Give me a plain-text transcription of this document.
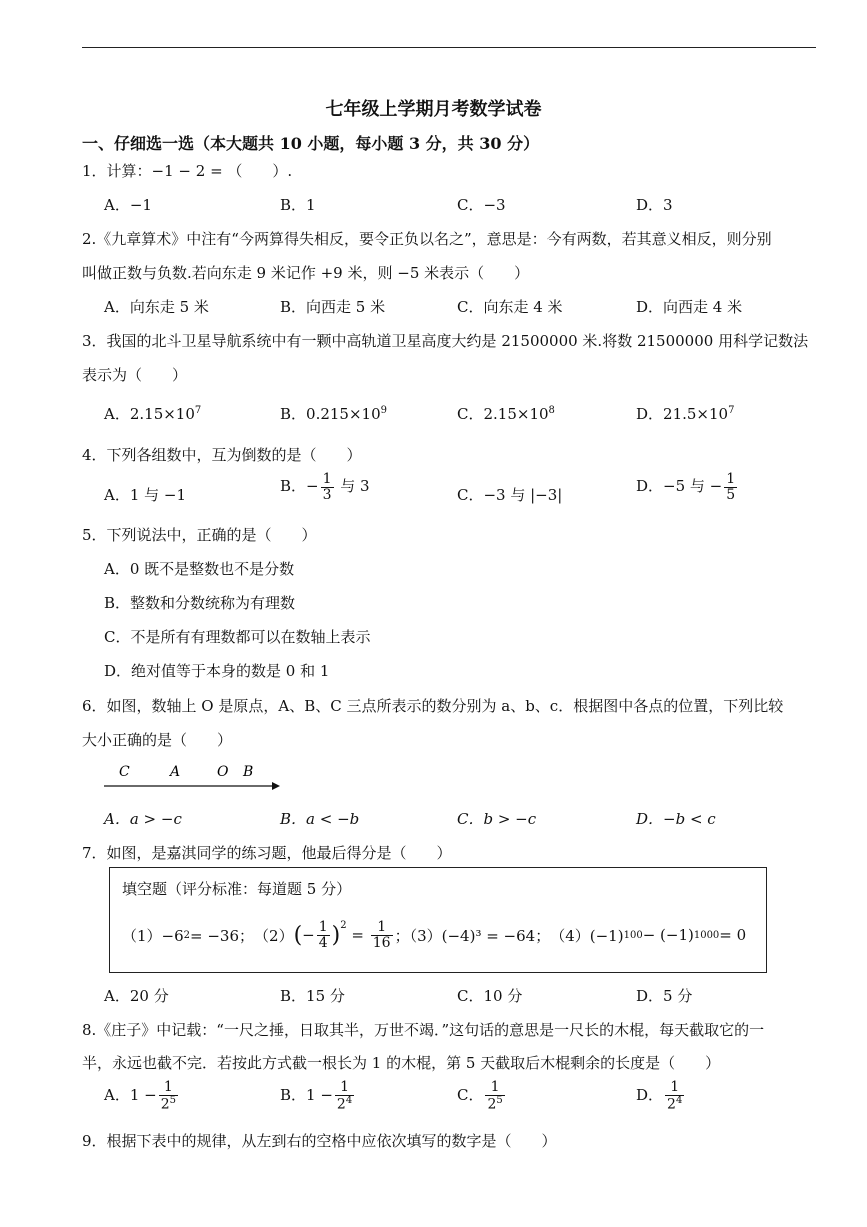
七年级上学期月考数学试卷
一、仔细选一选（本大题共 10 小题，每小题 3 分，共 30 分）
1．计算：−1 − 2 = （　　）.
A．−1	B．1	C．−3	D．3
2.《九章算术》中注有“今两算得失相反，要令正负以名之”，意思是：今有两数，若其意义相反，则分别
叫做正数与负数.若向东走 9 米记作 +9 米，则 −5 米表示（　　）
A．向东走 5 米	B．向西走 5 米	C．向东走 4 米	D．向西走 4 米
3．我国的北斗卫星导航系统中有一颗中高轨道卫星高度大约是 21500000 米.将数 21500000 用科学记数法
表示为（　　）
A．$2.15\times 10^7$	B．$0.215\times 10^9$	C．$2.15\times 10^8$	D．$21.5\times 10^7$
4．下列各组数中，互为倒数的是（　　）
A．1 与 −1	B．− $\frac{1}{3}$ 与 3	C．−3 与 |−3|	D．−5 与 − $\frac{1}{5}$
5．下列说法中，正确的是（　　）
A．0 既不是整数也不是分数
B．整数和分数统称为有理数
C．不是所有有理数都可以在数轴上表示
D．绝对值等于本身的数是 0 和 1
6．如图，数轴上 O 是原点，A、B、C 三点所表示的数分别为 a、b、c．根据图中各点的位置，下列比较
大小正确的是（　　）
C	A	O B
A．a > −c	B．a < −b	C．b > −c	D．−b < c
7．如图，是嘉淇同学的练习题，他最后得分是（　　）
填空题（评分标准：每道题 5 分）
（1）−6 2 = −36； （2） ( − $\frac{1}{4} )^2$
= $\frac{1}{16}$ ；（3）(−4)³ = −64； （4）(−1) 100 − (−1) 1000 = 0
A．20 分	B．15 分	C．10 分	D．5 分
8.《庄子》中记载：“一尺之捶，日取其半，万世不竭．”这句话的意思是一尺长的木棍，每天截取它的一
半，永远也截不完．若按此方式截一根长为 1 的木棍，第 5 天截取后木棍剩余的长度是（　　）
A．$1 - \frac{1}{2^5}$	B．$1 - \frac{1}{2^4}$	C． $\frac{1}{2^5}$	D． $\frac{1}{2^4}$
9．根据下表中的规律，从左到右的空格中应依次填写的数字是（　　）
